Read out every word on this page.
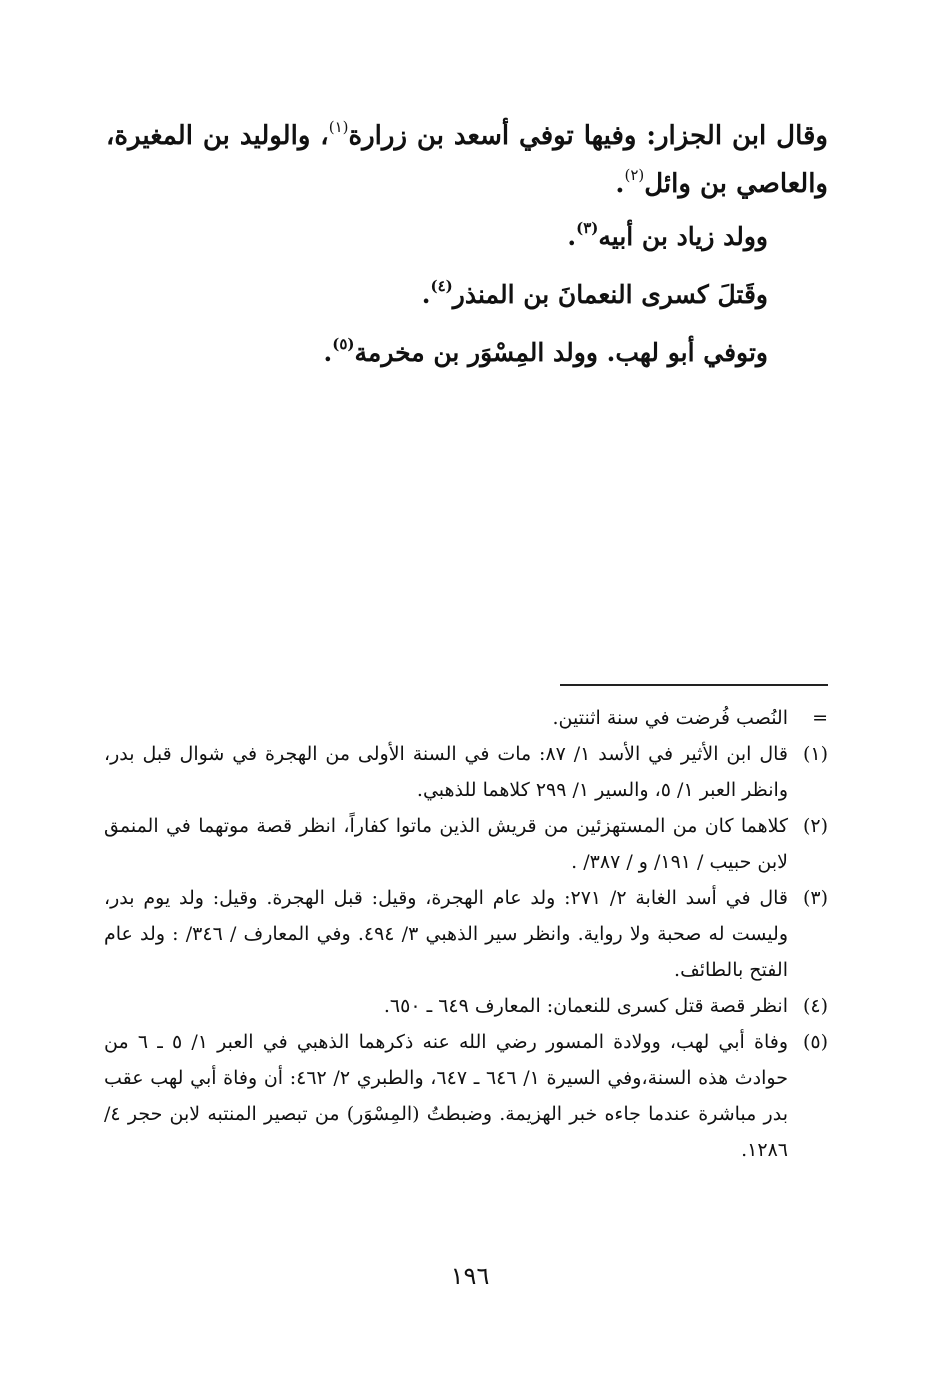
وقال ابن الجزار: وفيها توفي أسعد بن زرارة$^{(١)}$، والوليد بن المغيرة، والعاصي بن وائل$^{(٢)}$.

وولد زياد بن أبيه$^{(٣)}$.

وقَتلَ كسرى النعمانَ بن المنذر$^{(٤)}$.

وتوفي أبو لهب. وولد المِسْوَر بن مخرمة$^{(٥)}$.

=
النُصب فُرضت في سنة اثنتين.

(١)
قال ابن الأثير في الأسد ١/ ٨٧: مات في السنة الأولى من الهجرة في شوال قبل بدر، وانظر العبر ١/ ٥، والسير ١/ ٢٩٩ كلاهما للذهبي.

(٢)
كلاهما كان من المستهزئين من قريش الذين ماتوا كفاراً، انظر قصة موتهما في المنمق لابن حبيب / ١٩١/ و / ٣٨٧/ .

(٣)
قال في أسد الغابة ٢/ ٢٧١: ولد عام الهجرة، وقيل: قبل الهجرة. وقيل: ولد يوم بدر، وليست له صحبة ولا رواية. وانظر سير الذهبي ٣/ ٤٩٤. وفي المعارف / ٣٤٦/ : ولد عام الفتح بالطائف.

(٤)
انظر قصة قتل كسرى للنعمان: المعارف ٦٤٩ ـ ٦٥٠.

(٥)
وفاة أبي لهب، وولادة المسور رضي الله عنه ذكرهما الذهبي في العبر ١/ ٥ ـ ٦ من حوادث هذه السنة،وفي السيرة ١/ ٦٤٦ ـ ٦٤٧، والطبري ٢/ ٤٦٢: أن وفاة أبي لهب عقب بدر مباشرة عندما جاءه خبر الهزيمة. وضبطتُ (المِسْوَر) من تبصير المنتبه لابن حجر ٤/ ١٢٨٦.

١٩٦
